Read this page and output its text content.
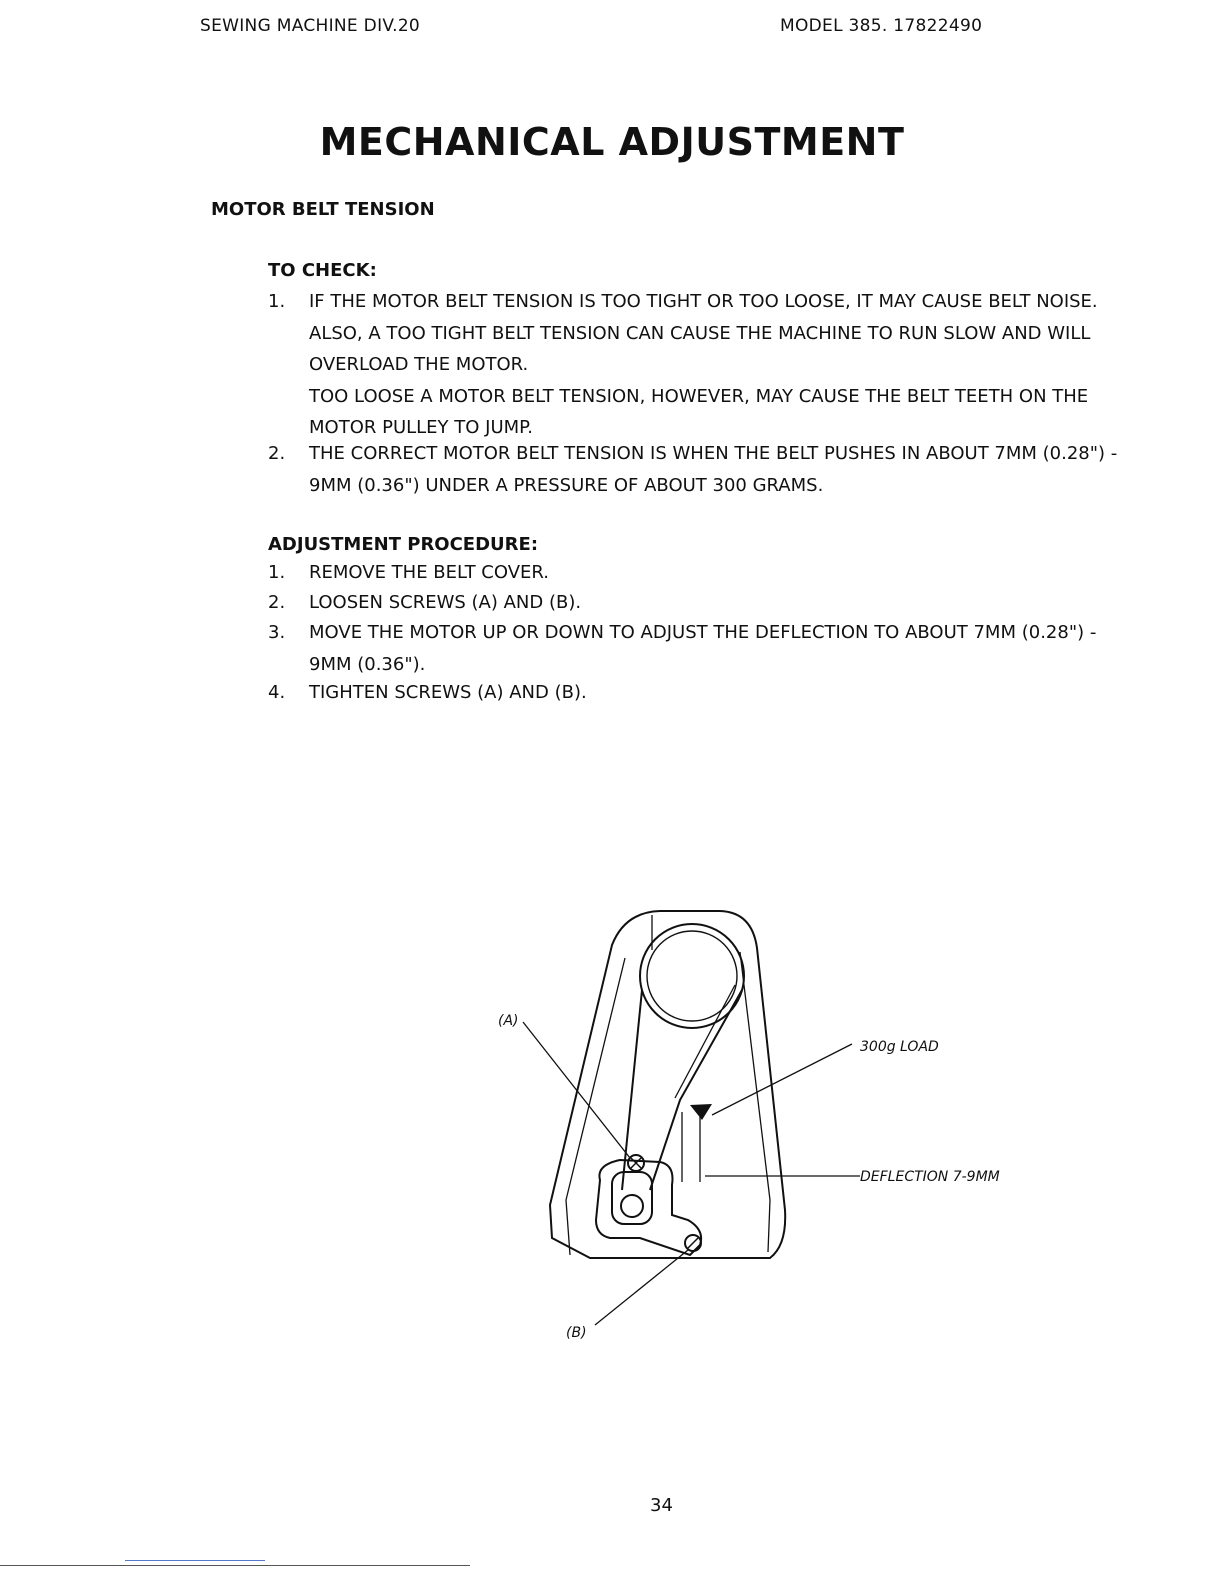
SEWING MACHINE DIV.20	MODEL 385. 17822490
MECHANICAL ADJUSTMENT
MOTOR BELT TENSION
TO CHECK:
1. IF THE MOTOR BELT TENSION IS TOO TIGHT OR TOO LOOSE, IT MAY CAUSE BELT NOISE.
ALSO, A TOO TIGHT BELT TENSION CAN CAUSE THE MACHINE TO RUN SLOW AND WILL
OVERLOAD THE MOTOR.
TOO LOOSE A MOTOR BELT TENSION, HOWEVER, MAY CAUSE THE BELT TEETH ON THE
MOTOR PULLEY TO JUMP.
2. THE CORRECT MOTOR BELT TENSION IS WHEN THE BELT PUSHES IN ABOUT 7MM (0.28") -
9MM (0.36") UNDER A PRESSURE OF ABOUT 300 GRAMS.
ADJUSTMENT PROCEDURE:
1. REMOVE THE BELT COVER.
2. LOOSEN SCREWS (A) AND (B).
3. MOVE THE MOTOR UP OR DOWN TO ADJUST THE DEFLECTION TO ABOUT 7MM (0.28") -
9MM (0.36").
4. TIGHTEN SCREWS (A) AND (B).
(A)
300g LOAD
DEFLECTION 7-9MM
(B)
34
